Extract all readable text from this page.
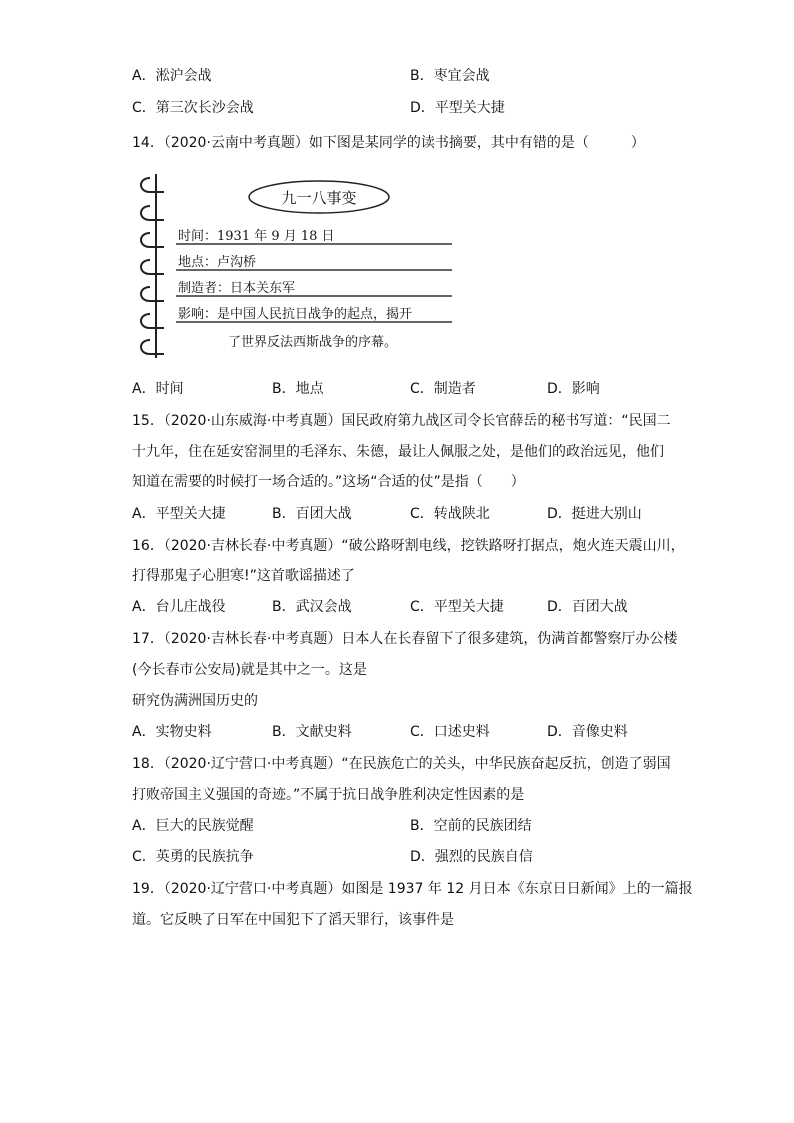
A．淞沪会战	B．枣宜会战
C．第三次长沙会战	D．平型关大捷
14．（2020·云南中考真题）如下图是某同学的读书摘要，其中有错的是（　　　）
九一八事变
时间：1931 年 9 月 18 日
地点：卢沟桥
制造者：日本关东军
影响：是中国人民抗日战争的起点，揭开
了世界反法西斯战争的序幕。
A．时间	B．地点	C．制造者	D．影响
15．（2020·山东威海·中考真题）国民政府第九战区司令长官薛岳的秘书写道：“民国二
十九年，住在延安窑洞里的毛泽东、朱德，最让人佩服之处，是他们的政治远见，他们
知道在需要的时候打一场合适的。”这场“合适的仗”是指（　　）
A．平型关大捷	B．百团大战	C．转战陕北	D．挺进大别山
16．（2020·吉林长春·中考真题）“破公路呀割电线，挖铁路呀打据点，炮火连天震山川，
打得那鬼子心胆寒!”这首歌谣描述了
A．台儿庄战役	B．武汉会战	C．平型关大捷	D．百团大战
17．（2020·吉林长春·中考真题）日本人在长春留下了很多建筑，伪满首都警察厅办公楼
(今长春市公安局)就是其中之一。这是
研究伪满洲国历史的
A．实物史料	B．文献史料	C．口述史料	D．音像史料
18．（2020·辽宁营口·中考真题）“在民族危亡的关头，中华民族奋起反抗，创造了弱国
打败帝国主义强国的奇迹。”不属于抗日战争胜利决定性因素的是
A．巨大的民族觉醒	B．空前的民族团结
C．英勇的民族抗争	D．强烈的民族自信
19．（2020·辽宁营口·中考真题）如图是 1937 年 12 月日本《东京日日新闻》上的一篇报
道。它反映了日军在中国犯下了滔天罪行，该事件是
